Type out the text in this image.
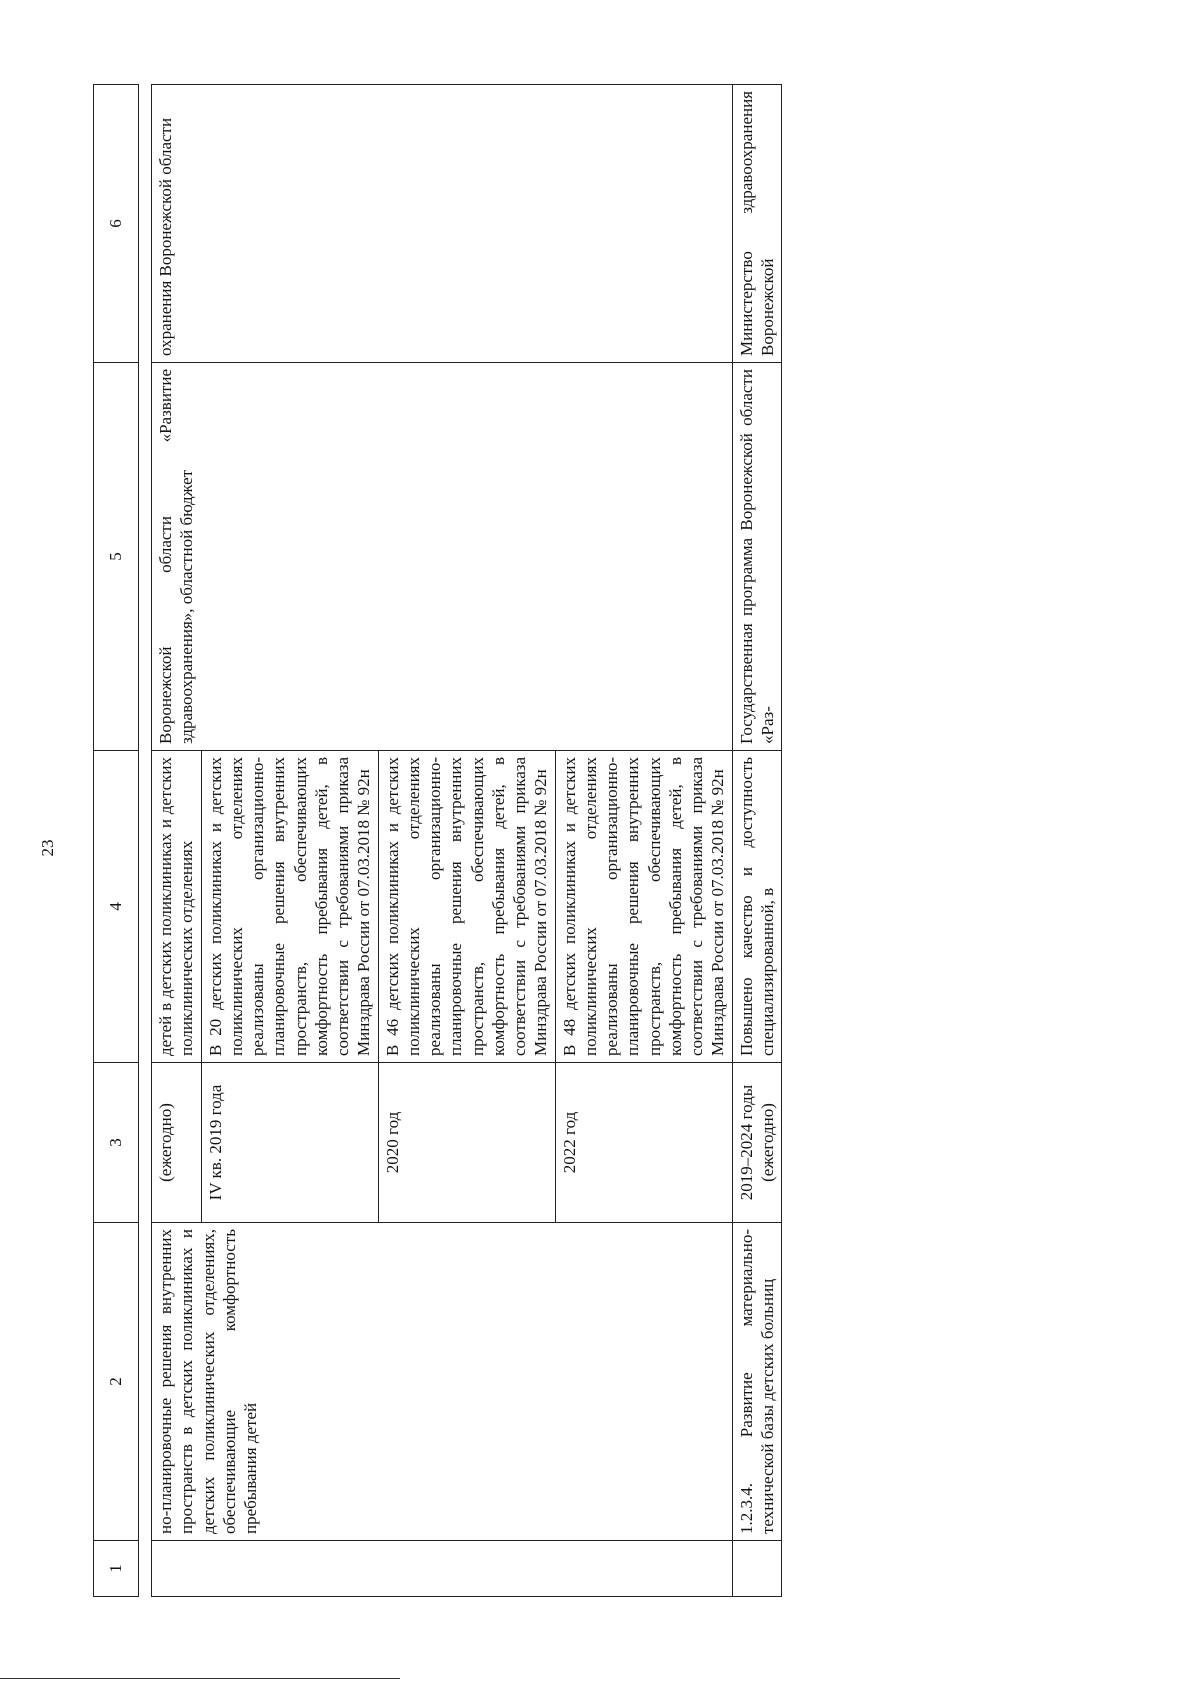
23
1	2	3	4	5	6

	но-планировочные решения внутренних пространств в детских поликлиниках и детских поликлинических отделениях, обеспечивающие комфортность пребывания детей	(ежегодно)	детей в детских поликлиниках и детских поликлинических отделениях	Воронежской области «Развитие здравоохранения», областной бюджет	охранения Воронежской области
		IV кв. 2019 года	В 20 детских поликлиниках и детских поликлинических отделениях реализованы организационно-планировочные решения внутренних пространств, обеспечивающих комфортность пребывания детей, в соответствии с требованиями приказа Минздрава России от 07.03.2018 № 92н		
		2020 год	В 46 детских поликлиниках и детских поликлинических отделениях реализованы организационно-планировочные решения внутренних пространств, обеспечивающих комфортность пребывания детей, в соответствии с требованиями приказа Минздрава России от 07.03.2018 № 92н		
		2022 год	В 48 детских поликлиниках и детских поликлинических отделениях реализованы организационно-планировочные решения внутренних пространств, обеспечивающих комфортность пребывания детей, в соответствии с требованиями приказа Минздрава России от 07.03.2018 № 92н		
	1.2.3.4. Развитие материально-технической базы детских больниц	2019–2024 годы (ежегодно)	Повышено качество и доступность специализированной, в	Государственная программа Воронежской области «Раз-	Министерство здравоохранения Воронежской
